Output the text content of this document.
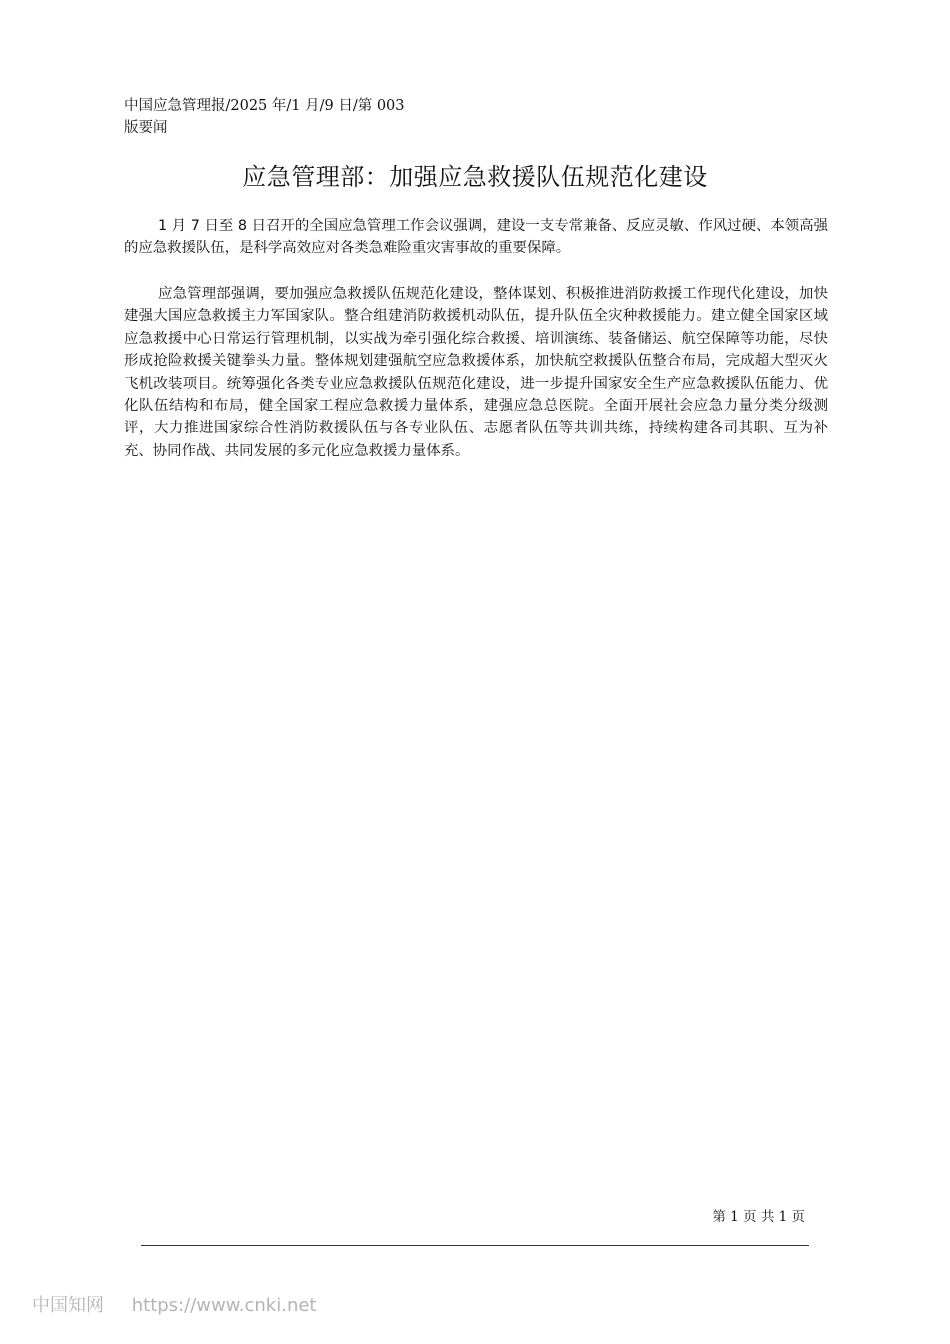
中国应急管理报/2025 年/1 月/9 日/第 003
版要闻
应急管理部：加强应急救援队伍规范化建设

1 月 7 日至 8 日召开的全国应急管理工作会议强调，建设一支专常兼备、反应灵敏、作风过硬、本领高强的应急救援队伍，是科学高效应对各类急难险重灾害事故的重要保障。

应急管理部强调，要加强应急救援队伍规范化建设，整体谋划、积极推进消防救援工作现代化建设，加快建强大国应急救援主力军国家队。整合组建消防救援机动队伍，提升队伍全灾种救援能力。建立健全国家区域应急救援中心日常运行管理机制，以实战为牵引强化综合救援、培训演练、装备储运、航空保障等功能，尽快形成抢险救援关键拳头力量。整体规划建强航空应急救援体系，加快航空救援队伍整合布局，完成超大型灭火飞机改装项目。统筹强化各类专业应急救援队伍规范化建设，进一步提升国家安全生产应急救援队伍能力、优化队伍结构和布局，健全国家工程应急救援力量体系，建强应急总医院。全面开展社会应急力量分类分级测评，大力推进国家综合性消防救援队伍与各专业队伍、志愿者队伍等共训共练，持续构建各司其职、互为补充、协同作战、共同发展的多元化应急救援力量体系。

第 1 页 共 1 页
中国知网 https://www.cnki.net
